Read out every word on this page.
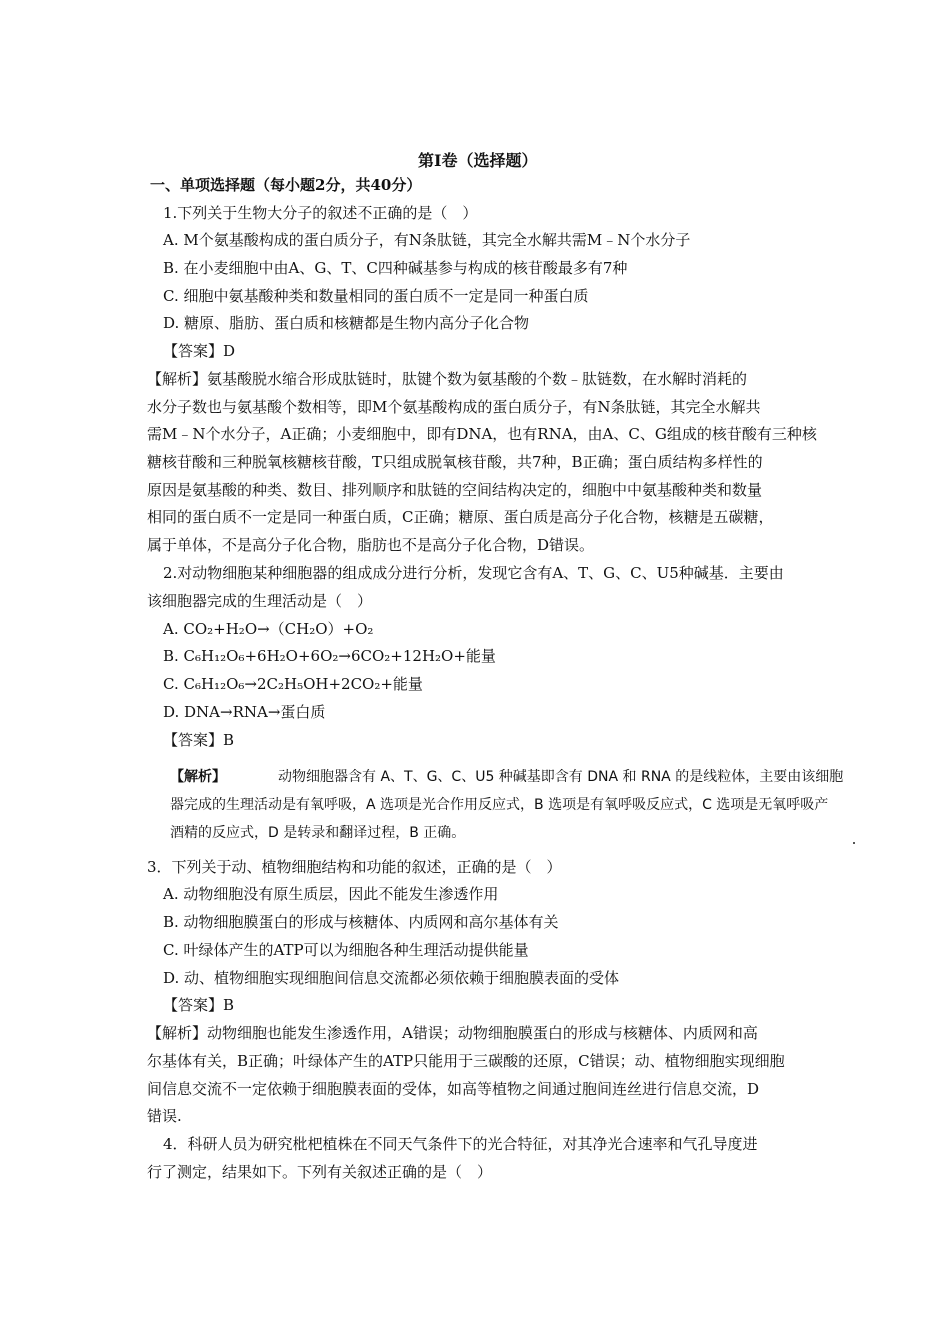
第Ⅰ卷（选择题）
一、单项选择题（每小题2分，共40分）
1.下列关于生物大分子的叙述不正确的是（　）
A. M个氨基酸构成的蛋白质分子，有N条肽链，其完全水解共需M﹣N个水分子
B. 在小麦细胞中由A、G、T、C四种碱基参与构成的核苷酸最多有7种
C. 细胞中氨基酸种类和数量相同的蛋白质不一定是同一种蛋白质
D. 糖原、脂肪、蛋白质和核糖都是生物内高分子化合物
【答案】D
【解析】氨基酸脱水缩合形成肽链时，肽键个数为氨基酸的个数﹣肽链数，在水解时消耗的
水分子数也与氨基酸个数相等，即M个氨基酸构成的蛋白质分子，有N条肽链，其完全水解共
需M﹣N个水分子，A正确；小麦细胞中，即有DNA，也有RNA，由A、C、G组成的核苷酸有三种核
糖核苷酸和三种脱氧核糖核苷酸，T只组成脱氧核苷酸，共7种，B正确；蛋白质结构多样性的
原因是氨基酸的种类、数目、排列顺序和肽链的空间结构决定的，细胞中中氨基酸种类和数量
相同的蛋白质不一定是同一种蛋白质，C正确；糖原、蛋白质是高分子化合物，核糖是五碳糖，
属于单体，不是高分子化合物，脂肪也不是高分子化合物，D错误。
2.对动物细胞某种细胞器的组成成分进行分析，发现它含有A、T、G、C、U5种碱基．主要由
该细胞器完成的生理活动是（　）
A. CO₂+H₂O→（CH₂O）+O₂
B. C₆H₁₂O₆+6H₂O+6O₂→6CO₂+12H₂O+能量
C. C₆H₁₂O₆→2C₂H₅OH+2CO₂+能量
D. DNA→RNA→蛋白质
【答案】B
【解析】	动物细胞器含有 A、T、G、C、U5 种碱基即含有 DNA 和 RNA 的是线粒体，主要由该细胞
器完成的生理活动是有氧呼吸，A 选项是光合作用反应式，B 选项是有氧呼吸反应式，C 选项是无氧呼吸产
酒精的反应式，D 是转录和翻译过程，B 正确。
3．下列关于动、植物细胞结构和功能的叙述，正确的是（　）
A. 动物细胞没有原生质层，因此不能发生渗透作用
B. 动物细胞膜蛋白的形成与核糖体、内质网和高尔基体有关
C. 叶绿体产生的ATP可以为细胞各种生理活动提供能量
D. 动、植物细胞实现细胞间信息交流都必须依赖于细胞膜表面的受体
【答案】B
【解析】动物细胞也能发生渗透作用，A错误；动物细胞膜蛋白的形成与核糖体、内质网和高
尔基体有关，B正确；叶绿体产生的ATP只能用于三碳酸的还原，C错误；动、植物细胞实现细胞
间信息交流不一定依赖于细胞膜表面的受体，如高等植物之间通过胞间连丝进行信息交流，D
错误.
4．科研人员为研究枇杷植株在不同天气条件下的光合特征，对其净光合速率和气孔导度进
行了测定，结果如下。下列有关叙述正确的是（　）
